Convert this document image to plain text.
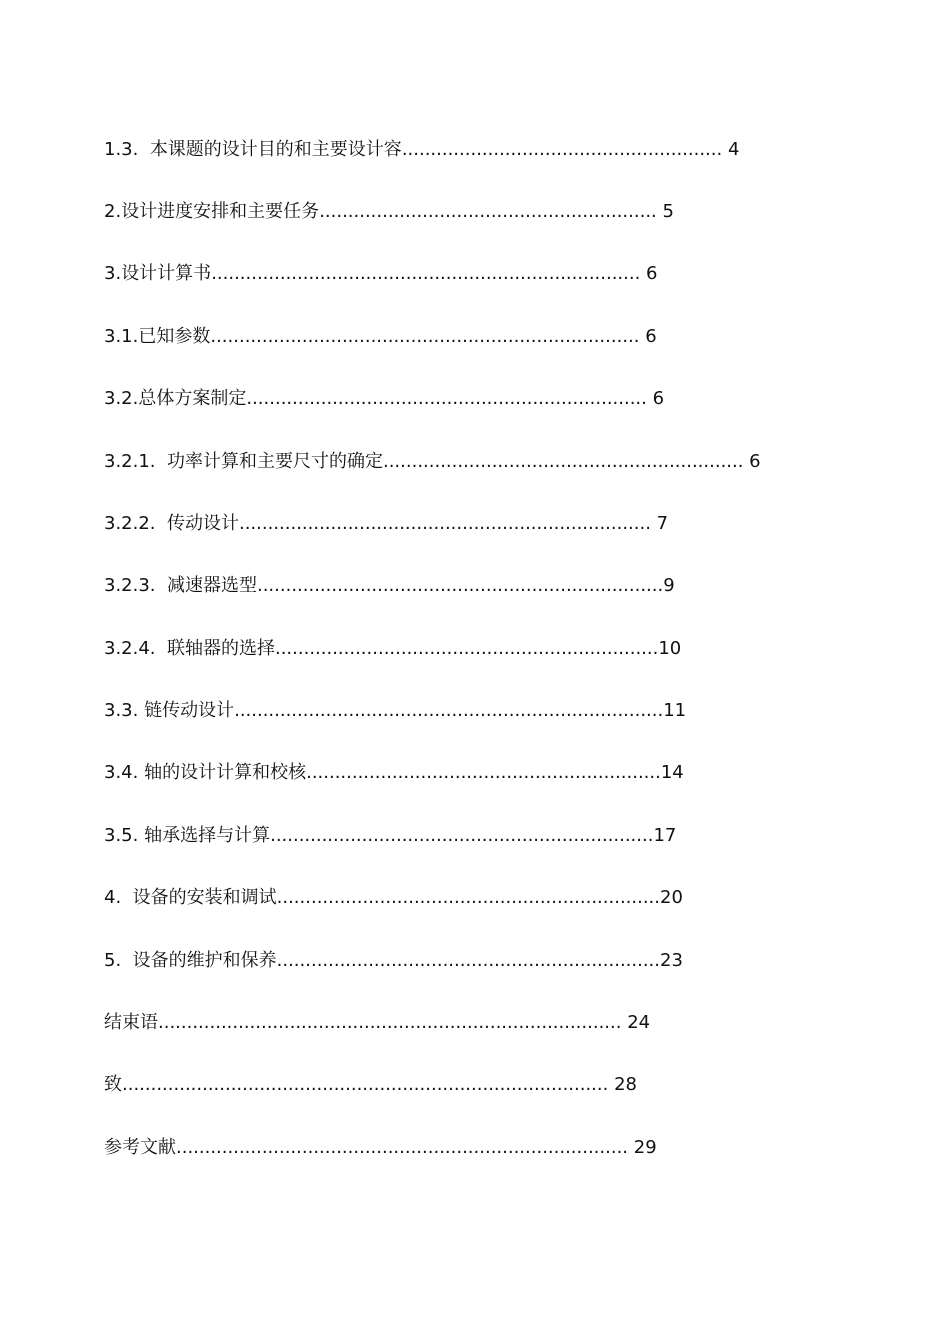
1.3. 本课题的设计目的和主要设计容........................................................ 4
2.设计进度安排和主要任务........................................................... 5
3.设计计算书........................................................................... 6
3.1.已知参数........................................................................... 6
3.2.总体方案制定...................................................................... 6
3.2.1. 功率计算和主要尺寸的确定............................................................... 6
3.2.2. 传动设计........................................................................ 7
3.2.3. 减速器选型.......................................................................9
3.2.4. 联轴器的选择...................................................................10
3.3. 链传动设计...........................................................................11
3.4. 轴的设计计算和校核..............................................................14
3.5. 轴承选择与计算...................................................................17
4. 设备的安装和调试...................................................................20
5. 设备的维护和保养...................................................................23
结束语................................................................................. 24
致..................................................................................... 28
参考文献............................................................................... 29
